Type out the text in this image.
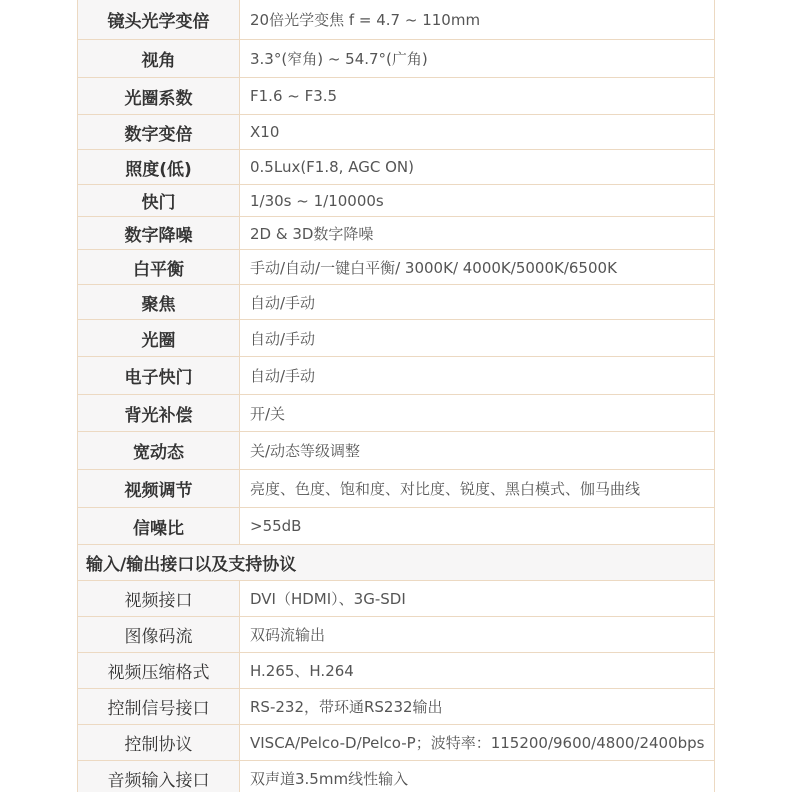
镜头光学变倍	20倍光学变焦 f = 4.7 ~ 110mm
视角	3.3°(窄角) ~ 54.7°(广角)
光圈系数	F1.6 ~ F3.5
数字变倍	X10
照度(低)	0.5Lux(F1.8, AGC ON)
快门	1/30s ~ 1/10000s
数字降噪	2D & 3D数字降噪
白平衡	手动/自动/一键白平衡/ 3000K/ 4000K/5000K/6500K
聚焦	自动/手动
光圈	自动/手动
电子快门	自动/手动
背光补偿	开/关
宽动态	关/动态等级调整
视频调节	亮度、色度、饱和度、对比度、锐度、黑白模式、伽马曲线
信噪比	>55dB
输入/输出接口以及支持协议
视频接口	DVI（HDMI）、3G-SDI
图像码流	双码流输出
视频压缩格式	H.265、H.264
控制信号接口	RS-232，带环通RS232输出
控制协议	VISCA/Pelco-D/Pelco-P；波特率：115200/9600/4800/2400bps
音频输入接口	双声道3.5mm线性输入
